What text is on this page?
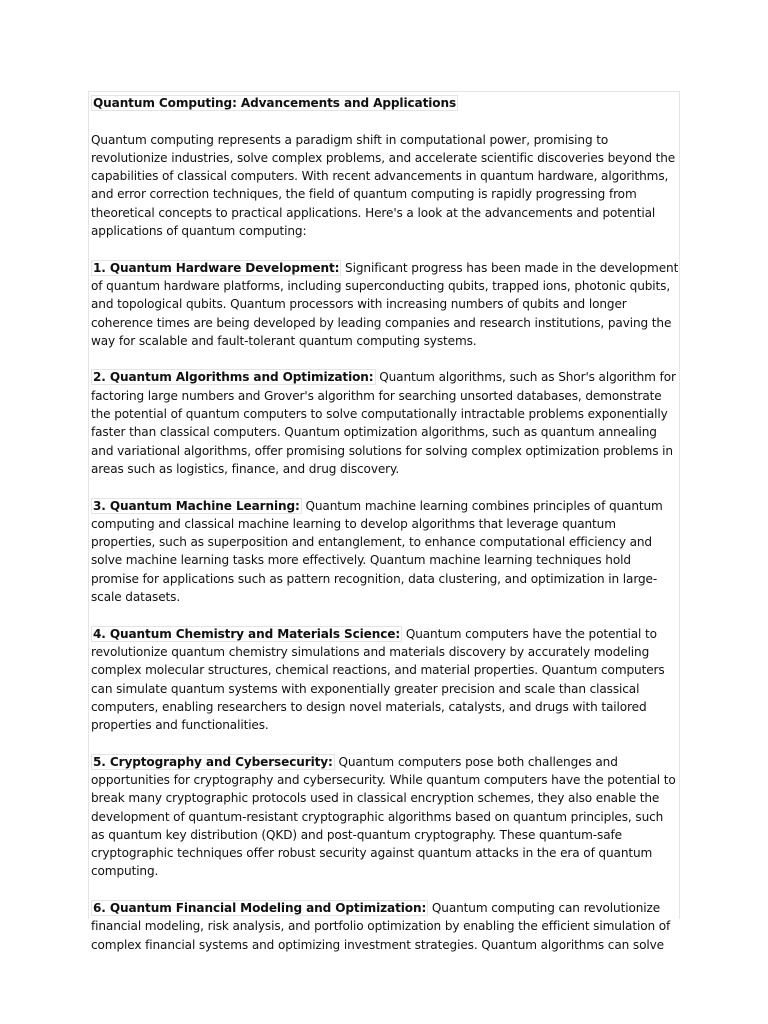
Quantum Computing: Advancements and Applications

Quantum computing represents a paradigm shift in computational power, promising to revolutionize industries, solve complex problems, and accelerate scientific discoveries beyond the capabilities of classical computers. With recent advancements in quantum hardware, algorithms, and error correction techniques, the field of quantum computing is rapidly progressing from theoretical concepts to practical applications. Here's a look at the advancements and potential applications of quantum computing:

1. Quantum Hardware Development: Significant progress has been made in the development of quantum hardware platforms, including superconducting qubits, trapped ions, photonic qubits, and topological qubits. Quantum processors with increasing numbers of qubits and longer coherence times are being developed by leading companies and research institutions, paving the way for scalable and fault-tolerant quantum computing systems.

2. Quantum Algorithms and Optimization: Quantum algorithms, such as Shor's algorithm for factoring large numbers and Grover's algorithm for searching unsorted databases, demonstrate the potential of quantum computers to solve computationally intractable problems exponentially faster than classical computers. Quantum optimization algorithms, such as quantum annealing and variational algorithms, offer promising solutions for solving complex optimization problems in areas such as logistics, finance, and drug discovery.

3. Quantum Machine Learning: Quantum machine learning combines principles of quantum computing and classical machine learning to develop algorithms that leverage quantum properties, such as superposition and entanglement, to enhance computational efficiency and solve machine learning tasks more effectively. Quantum machine learning techniques hold promise for applications such as pattern recognition, data clustering, and optimization in large-scale datasets.

4. Quantum Chemistry and Materials Science: Quantum computers have the potential to revolutionize quantum chemistry simulations and materials discovery by accurately modeling complex molecular structures, chemical reactions, and material properties. Quantum computers can simulate quantum systems with exponentially greater precision and scale than classical computers, enabling researchers to design novel materials, catalysts, and drugs with tailored properties and functionalities.

5. Cryptography and Cybersecurity: Quantum computers pose both challenges and opportunities for cryptography and cybersecurity. While quantum computers have the potential to break many cryptographic protocols used in classical encryption schemes, they also enable the development of quantum-resistant cryptographic algorithms based on quantum principles, such as quantum key distribution (QKD) and post-quantum cryptography. These quantum-safe cryptographic techniques offer robust security against quantum attacks in the era of quantum computing.

6. Quantum Financial Modeling and Optimization: Quantum computing can revolutionize financial modeling, risk analysis, and portfolio optimization by enabling the efficient simulation of complex financial systems and optimizing investment strategies. Quantum algorithms can solve
